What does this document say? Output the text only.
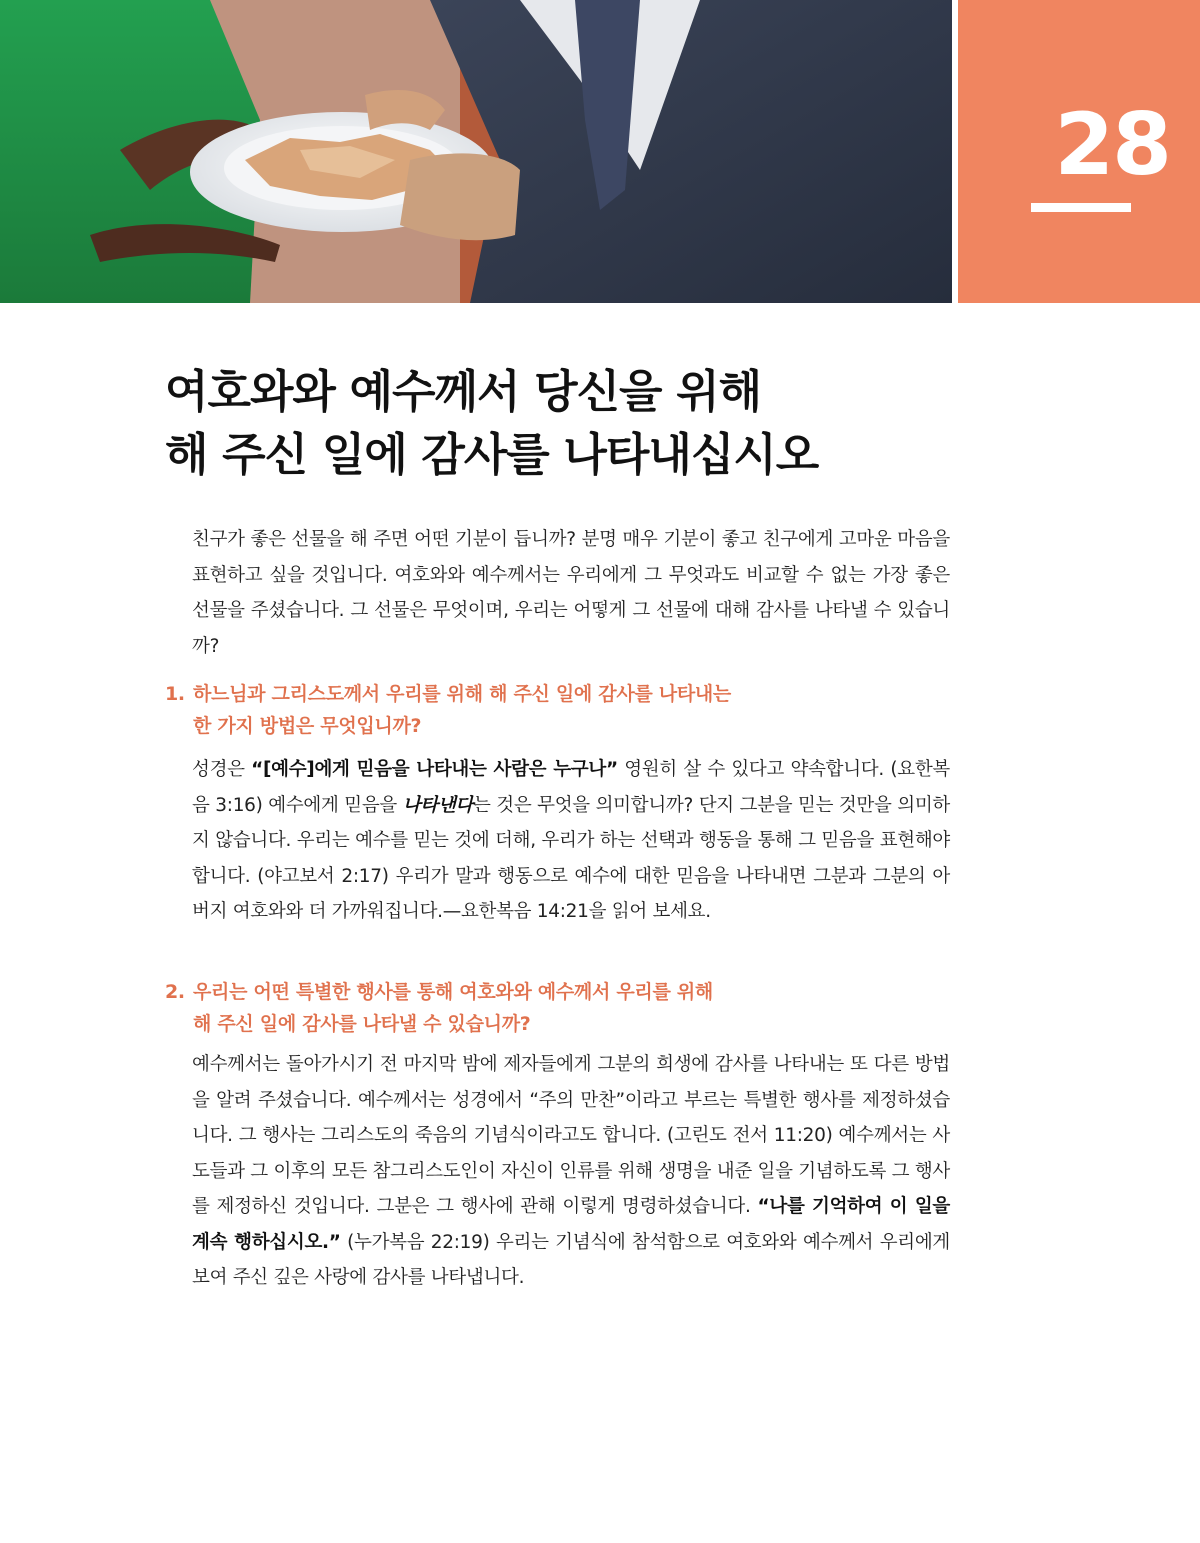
28
여호와와 예수께서 당신을 위해
해 주신 일에 감사를 나타내십시오

친구가 좋은 선물을 해 주면 어떤 기분이 듭니까? 분명 매우 기분이 좋고 친구에게 고마운 마음을 표현하고 싶을 것입니다. 여호와와 예수께서는 우리에게 그 무엇과도 비교할 수 없는 가장 좋은 선물을 주셨습니다. 그 선물은 무엇이며, 우리는 어떻게 그 선물에 대해 감사를 나타낼 수 있습니까?

1. 하느님과 그리스도께서 우리를 위해 해 주신 일에 감사를 나타내는
한 가지 방법은 무엇입니까?

성경은 “[예수]에게 믿음을 나타내는 사람은 누구나” 영원히 살 수 있다고 약속합니다. (요한복음 3:16) 예수에게 믿음을 나타낸다는 것은 무엇을 의미합니까? 단지 그분을 믿는 것만을 의미하지 않습니다. 우리는 예수를 믿는 것에 더해, 우리가 하는 선택과 행동을 통해 그 믿음을 표현해야 합니다. (야고보서 2:17) 우리가 말과 행동으로 예수에 대한 믿음을 나타내면 그분과 그분의 아버지 여호와와 더 가까워집니다.—요한복음 14:21을 읽어 보세요.

2. 우리는 어떤 특별한 행사를 통해 여호와와 예수께서 우리를 위해
해 주신 일에 감사를 나타낼 수 있습니까?

예수께서는 돌아가시기 전 마지막 밤에 제자들에게 그분의 희생에 감사를 나타내는 또 다른 방법을 알려 주셨습니다. 예수께서는 성경에서 “주의 만찬”이라고 부르는 특별한 행사를 제정하셨습니다. 그 행사는 그리스도의 죽음의 기념식이라고도 합니다. (고린도 전서 11:20) 예수께서는 사도들과 그 이후의 모든 참그리스도인이 자신이 인류를 위해 생명을 내준 일을 기념하도록 그 행사를 제정하신 것입니다. 그분은 그 행사에 관해 이렇게 명령하셨습니다. “나를 기억하여 이 일을 계속 행하십시오.” (누가복음 22:19) 우리는 기념식에 참석함으로 여호와와 예수께서 우리에게 보여 주신 깊은 사랑에 감사를 나타냅니다.
